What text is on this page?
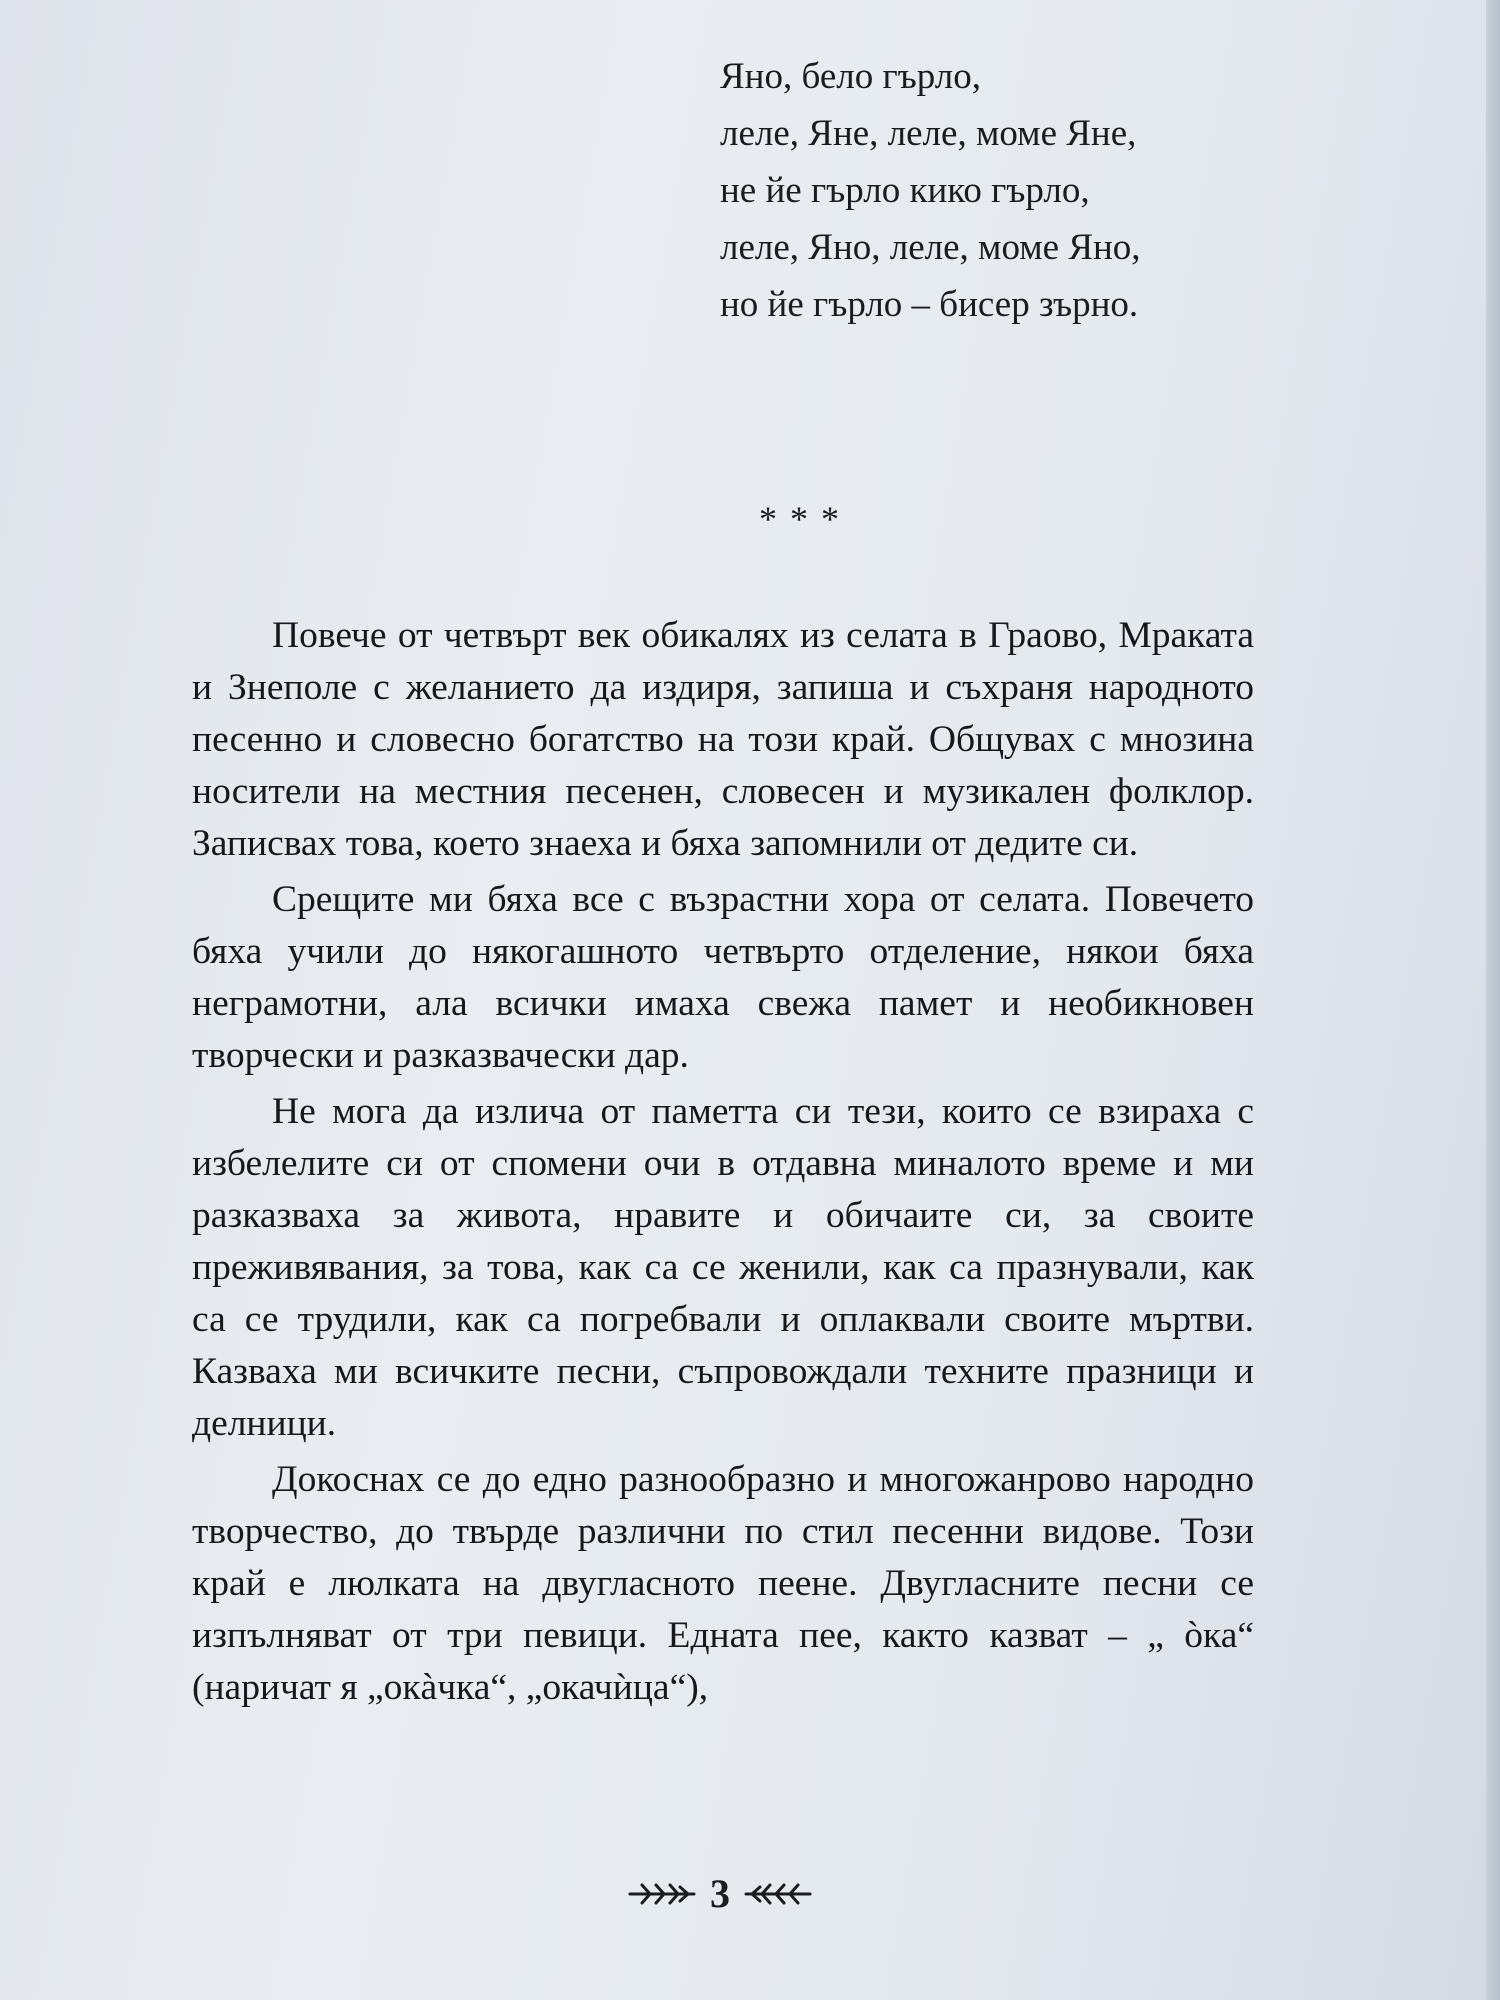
Яно, бело гърло,
леле, Яне, леле, моме Яне,
не йе гърло кико гърло,
леле, Яно, леле, моме Яно,
но йе гърло – бисер зърно.
* * *

Повече от четвърт век обикалях из селата в Граово, Мраката и Знеполе с желанието да издиря, запиша и съхраня народното песенно и словесно богатство на този край. Общувах с мнозина носители на местния песенен, словесен и музикален фолклор. Записвах това, което знаеха и бяха запомнили от дедите си.

Срещите ми бяха все с възрастни хора от селата. Повечето бяха учили до някогашното четвърто отделение, някои бяха неграмотни, ала всички имаха свежа памет и необикновен творчески и разказвачески дар.

Не мога да излича от паметта си тези, които се взираха с избелелите си от спомени очи в отдавна миналото време и ми разказваха за живота, нравите и обичаите си, за своите преживявания, за това, как са се женили, как са празнували, как са се трудили, как са погребвали и оплаквали своите мъртви. Казваха ми всичките песни, съпровождали техните празници и делници.

Докоснах се до едно разнообразно и многожанрово народно творчество, до твърде различни по стил песенни видове. Този край е люлката на двугласното пеене. Двугласните песни се изпълняват от три певици. Едната пее, както казват – „ òка“ (наричат я „окàчка“, „окачѝца“),

3
